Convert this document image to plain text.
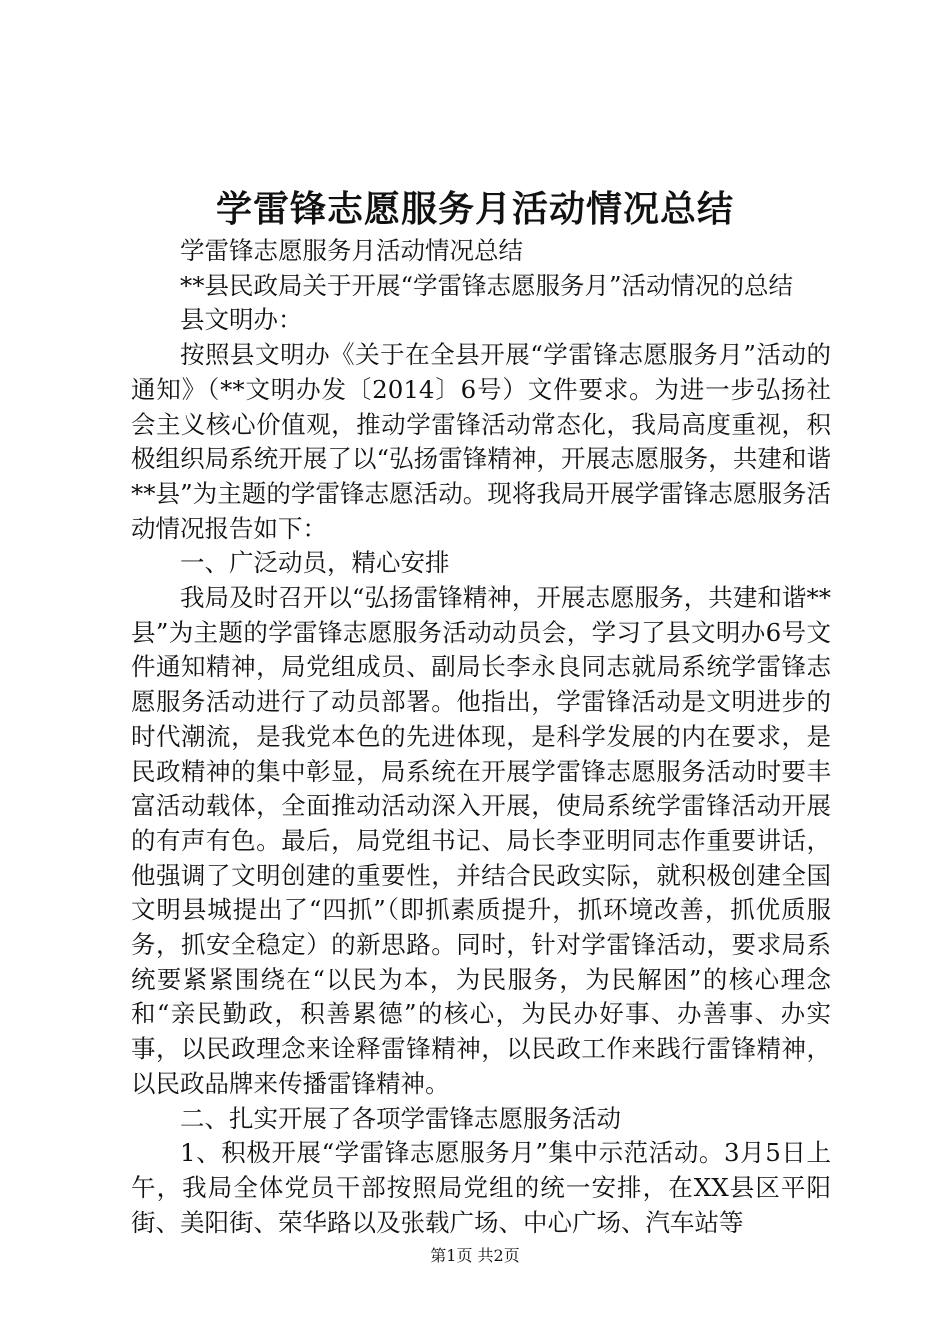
学雷锋志愿服务月活动情况总结

学雷锋志愿服务月活动情况总结

**县民政局关于开展“学雷锋志愿服务月”活动情况的总结

县文明办：

按照县文明办《关于在全县开展“学雷锋志愿服务月”活动的通知》（**文明办发〔2014〕6号）文件要求。为进一步弘扬社会主义核心价值观，推动学雷锋活动常态化，我局高度重视，积极组织局系统开展了以“弘扬雷锋精神，开展志愿服务，共建和谐**县”为主题的学雷锋志愿活动。现将我局开展学雷锋志愿服务活动情况报告如下：

一、广泛动员，精心安排

我局及时召开以“弘扬雷锋精神，开展志愿服务，共建和谐**县”为主题的学雷锋志愿服务活动动员会，学习了县文明办6号文件通知精神，局党组成员、副局长李永良同志就局系统学雷锋志愿服务活动进行了动员部署。他指出，学雷锋活动是文明进步的时代潮流，是我党本色的先进体现，是科学发展的内在要求，是民政精神的集中彰显，局系统在开展学雷锋志愿服务活动时要丰富活动载体，全面推动活动深入开展，使局系统学雷锋活动开展的有声有色。最后，局党组书记、局长李亚明同志作重要讲话，他强调了文明创建的重要性，并结合民政实际，就积极创建全国文明县城提出了“四抓”（即抓素质提升，抓环境改善，抓优质服务，抓安全稳定）的新思路。同时，针对学雷锋活动，要求局系统要紧紧围绕在“以民为本，为民服务，为民解困”的核心理念和“亲民勤政，积善累德”的核心，为民办好事、办善事、办实事，以民政理念来诠释雷锋精神，以民政工作来践行雷锋精神，以民政品牌来传播雷锋精神。

二、扎实开展了各项学雷锋志愿服务活动

1、积极开展“学雷锋志愿服务月”集中示范活动。3月5日上午，我局全体党员干部按照局党组的统一安排，在XX县区平阳街、美阳街、荣华路以及张载广场、中心广场、汽车站等

第1页 共2页
